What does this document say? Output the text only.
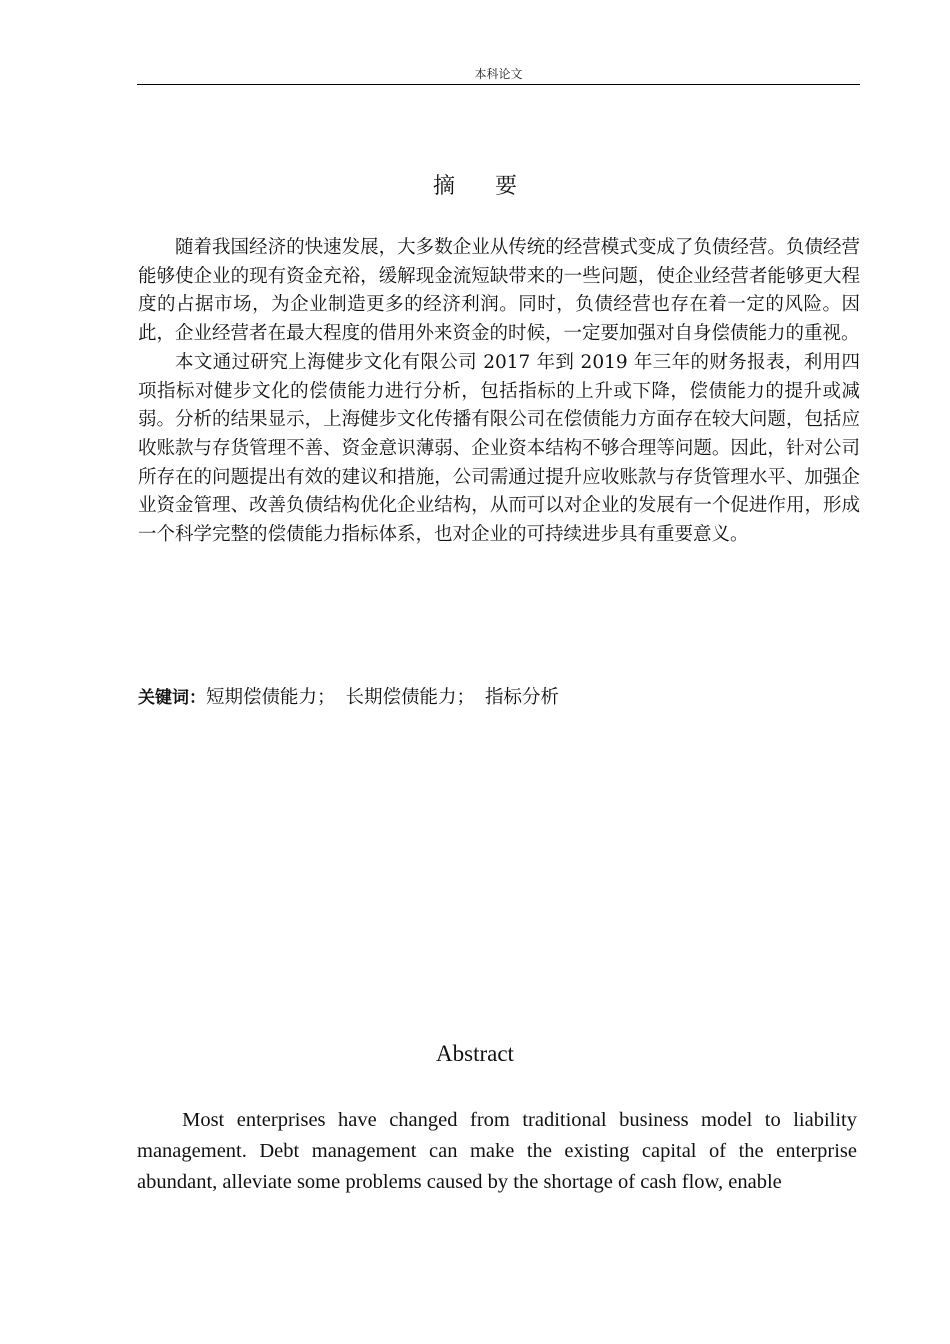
本科论文
摘要

随着我国经济的快速发展，大多数企业从传统的经营模式变成了负债经营。负债经营能够使企业的现有资金充裕，缓解现金流短缺带来的一些问题，使企业经营者能够更大程度的占据市场，为企业制造更多的经济利润。同时，负债经营也存在着一定的风险。因此，企业经营者在最大程度的借用外来资金的时候，一定要加强对自身偿债能力的重视。

本文通过研究上海健步文化有限公司 2017 年到 2019 年三年的财务报表，利用四项指标对健步文化的偿债能力进行分析，包括指标的上升或下降，偿债能力的提升或减弱。分析的结果显示，上海健步文化传播有限公司在偿债能力方面存在较大问题，包括应收账款与存货管理不善、资金意识薄弱、企业资本结构不够合理等问题。因此，针对公司所存在的问题提出有效的建议和措施，公司需通过提升应收账款与存货管理水平、加强企业资金管理、改善负债结构优化企业结构，从而可以对企业的发展有一个促进作用，形成一个科学完整的偿债能力指标体系，也对企业的可持续进步具有重要意义。

关键词：短期偿债能力； 长期偿债能力； 指标分析
Abstract

Most enterprises have changed from traditional business model to liability management. Debt management can make the existing capital of the enterprise abundant, alleviate some problems caused by the shortage of cash flow, enable
